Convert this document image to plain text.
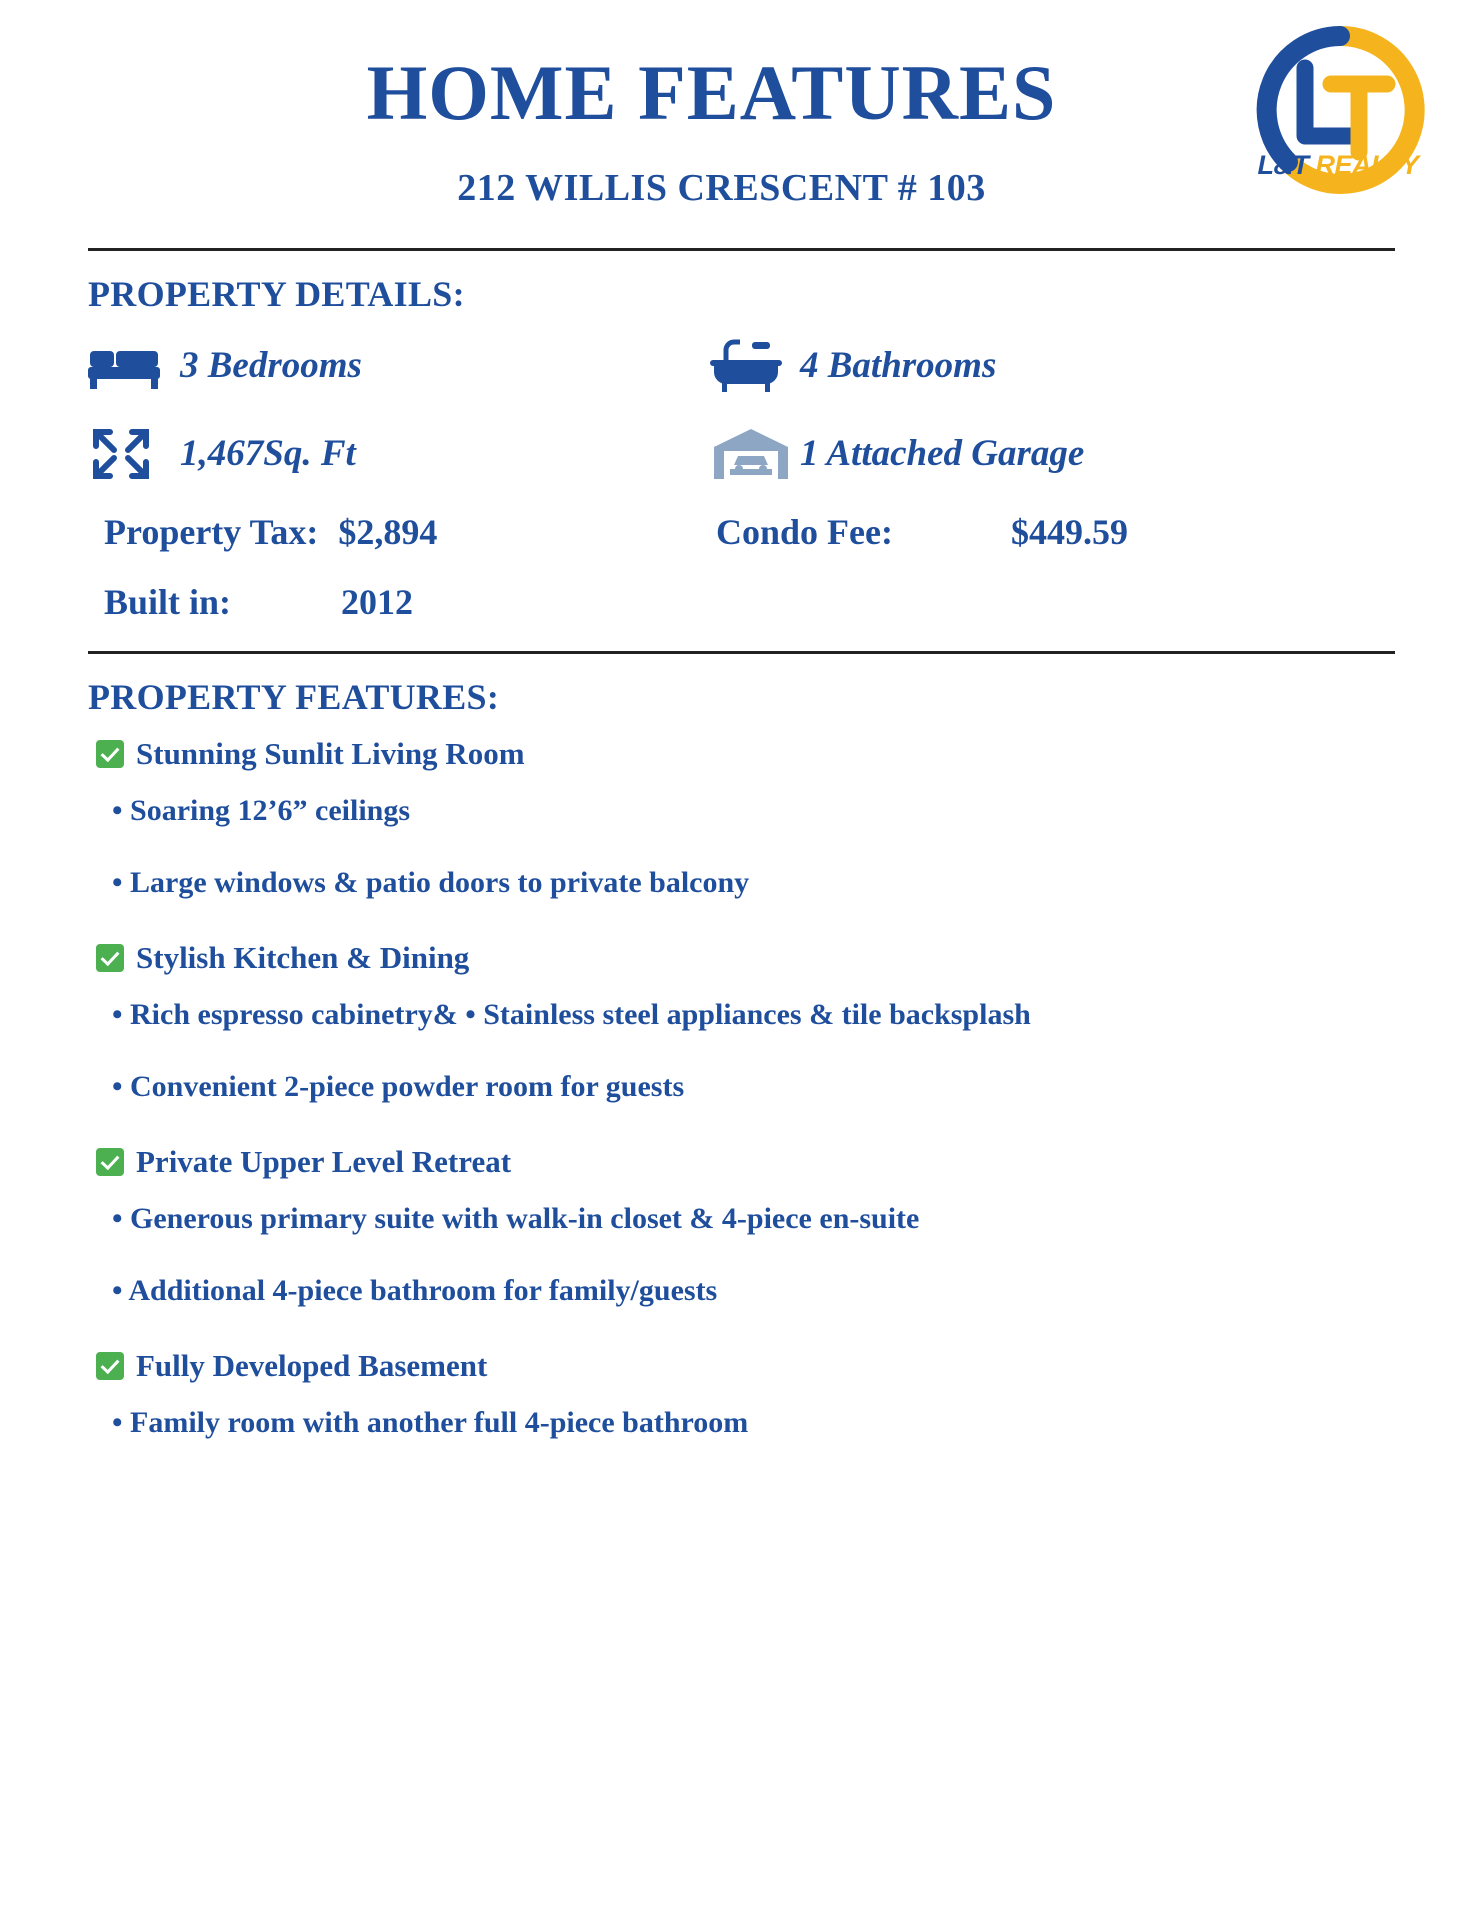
L&T REALTY
HOME FEATURES
212 WILLIS CRESCENT # 103
PROPERTY DETAILS:
3 Bedrooms	4 Bathrooms
1,467Sq. Ft	1 Attached Garage
Property Tax: $2,894	Condo Fee:	$449.59
Built in:	2012
PROPERTY FEATURES:
Stunning Sunlit Living Room
• Soaring 12’6” ceilings
• Large windows & patio doors to private balcony
Stylish Kitchen & Dining
• Rich espresso cabinetry& • Stainless steel appliances & tile backsplash
• Convenient 2-piece powder room for guests
Private Upper Level Retreat
• Generous primary suite with walk-in closet & 4-piece en-suite
• Additional 4-piece bathroom for family/guests
Fully Developed Basement
• Family room with another full 4-piece bathroom
